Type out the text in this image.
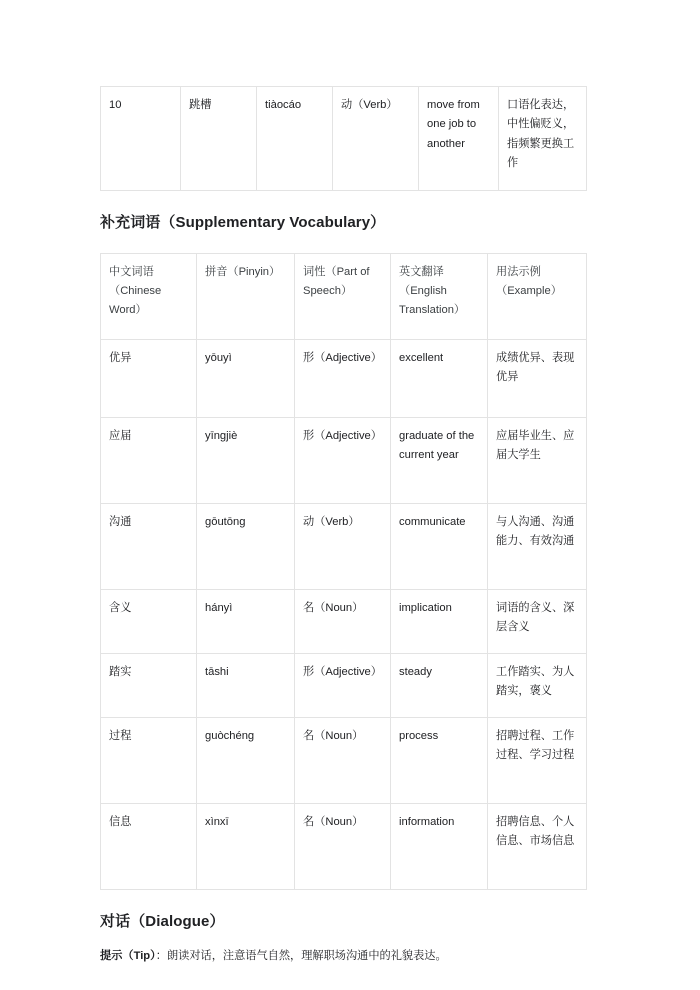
10	跳槽	tiàocáo	动（Verb）	move from one job to another	口语化表达，中性偏贬义，指频繁更换工作
补充词语（Supplementary Vocabulary）
中文词语（Chinese Word）	拼音（Pinyin）	词性（Part of Speech）	英文翻译（English Translation）	用法示例（Example）
优异	yōuyì	形（Adjective）	excellent	成绩优异、表现优异
应届	yīngjiè	形（Adjective）	graduate of the current year	应届毕业生、应届大学生
沟通	gōutōng	动（Verb）	communicate	与人沟通、沟通能力、有效沟通
含义	hányì	名（Noun）	implication	词语的含义、深层含义
踏实	tāshi	形（Adjective）	steady	工作踏实、为人踏实，褒义
过程	guòchéng	名（Noun）	process	招聘过程、工作过程、学习过程
信息	xìnxī	名（Noun）	information	招聘信息、个人信息、市场信息
对话（Dialogue）

提示（Tip）：朗读对话，注意语气自然，理解职场沟通中的礼貌表达。
